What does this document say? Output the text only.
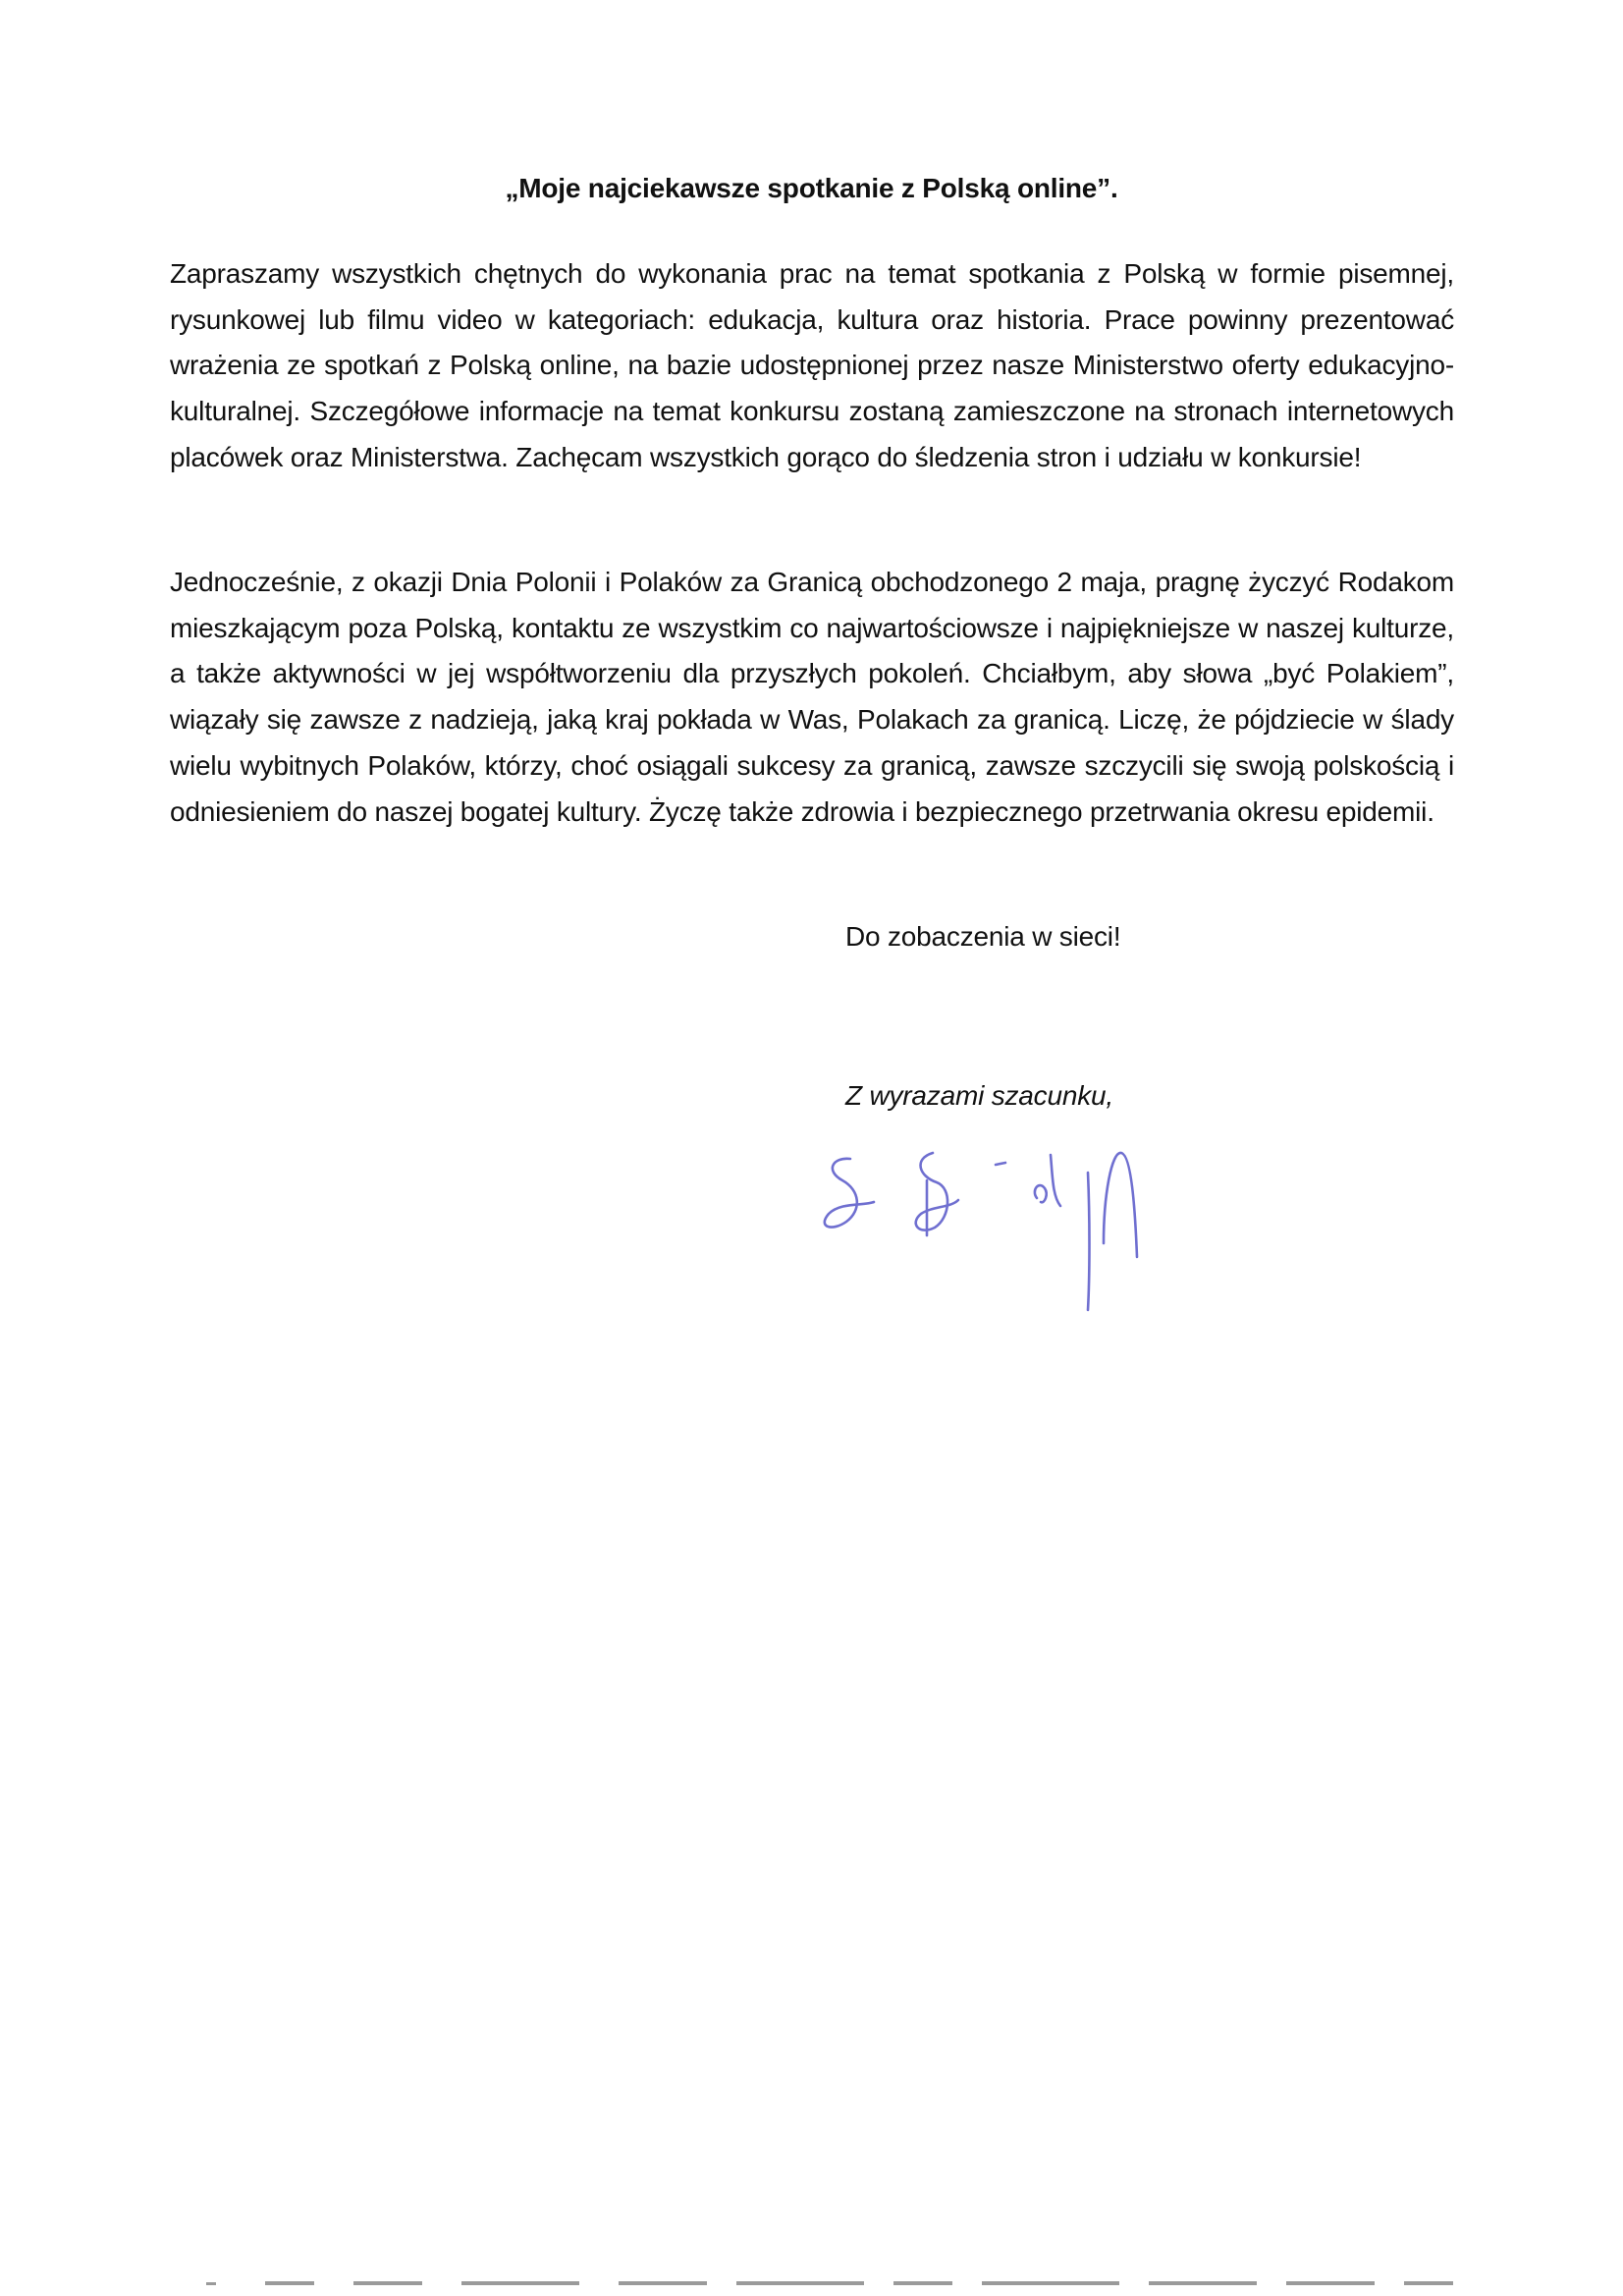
„Moje najciekawsze spotkanie z Polską online”.

Zapraszamy wszystkich chętnych do wykonania prac na temat spotkania z Polską w formie pisemnej, rysunkowej lub filmu video w kategoriach: edukacja, kultura oraz historia. Prace powinny prezentować wrażenia ze spotkań z Polską online, na bazie udostępnionej przez nasze Ministerstwo oferty edukacyjno-kulturalnej. Szczegółowe informacje na temat konkursu zostaną zamieszczone na stronach internetowych placówek oraz Ministerstwa. Zachęcam wszystkich gorąco do śledzenia stron i udziału w konkursie!

Jednocześnie, z okazji Dnia Polonii i Polaków za Granicą obchodzonego 2 maja, pragnę życzyć Rodakom mieszkającym poza Polską, kontaktu ze wszystkim co najwartościowsze i najpiękniejsze w naszej kulturze, a także aktywności w jej współtworzeniu dla przyszłych pokoleń. Chciałbym, aby słowa „być Polakiem”, wiązały się zawsze z nadzieją, jaką kraj pokłada w Was, Polakach za granicą. Liczę, że pójdziecie w ślady wielu wybitnych Polaków, którzy, choć osiągali sukcesy za granicą, zawsze szczycili się swoją polskością i odniesieniem do naszej bogatej kultury. Życzę także zdrowia i bezpiecznego przetrwania okresu epidemii.

Do zobaczenia w sieci!
Z wyrazami szacunku,
